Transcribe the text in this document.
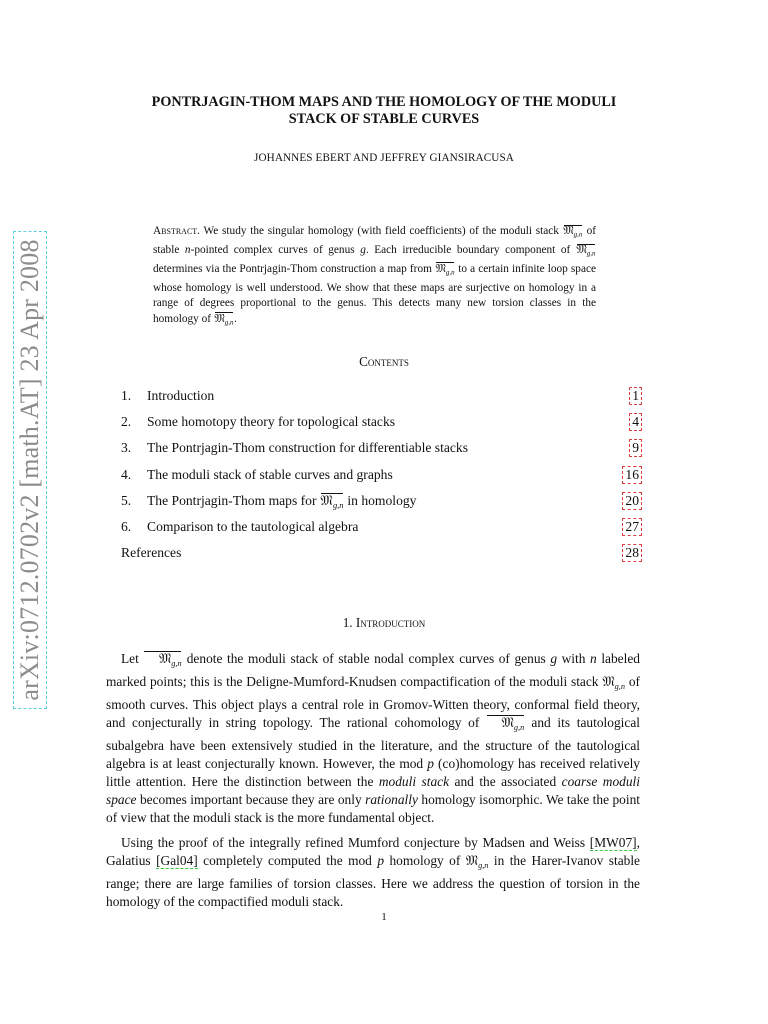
arXiv:0712.0702v2 [math.AT] 23 Apr 2008
PONTRJAGIN-THOM MAPS AND THE HOMOLOGY OF THE MODULI
STACK OF STABLE CURVES
JOHANNES EBERT AND JEFFREY GIANSIRACUSA
Abstract. We study the singular homology (with field coefficients) of the moduli stack 𝔐$_{g,n}$ of stable n-pointed complex curves of genus g. Each irreducible boundary component of 𝔐$_{g,n}$ determines via the Pontrjagin-Thom construction a map from 𝔐$_{g,n}$ to a certain infinite loop space whose homology is well understood. We show that these maps are surjective on homology in a range of degrees proportional to the genus. This detects many new torsion classes in the homology of 𝔐$_{g,n}$.
Contents
1. Introduction	1
2. Some homotopy theory for topological stacks	4
3. The Pontrjagin-Thom construction for differentiable stacks	9
4. The moduli stack of stable curves and graphs	16
5. The Pontrjagin-Thom maps for 𝔐$_{g,n}$ in homology	20
6. Comparison to the tautological algebra	27
References	28
1. Introduction

Let 𝔐$_{g,n}$ denote the moduli stack of stable nodal complex curves of genus g with n labeled marked points; this is the Deligne-Mumford-Knudsen compactification of the moduli stack 𝔐$_{g,n}$ of smooth curves. This object plays a central role in Gromov-Witten theory, conformal field theory, and conjecturally in string topology. The rational cohomology of 𝔐$_{g,n}$ and its tautological subalgebra have been extensively studied in the literature, and the structure of the tautological algebra is at least conjecturally known. However, the mod p (co)homology has received relatively little attention. Here the distinction between the moduli stack and the associated coarse moduli space becomes important because they are only rationally homology isomorphic. We take the point of view that the moduli stack is the more fundamental object.

Using the proof of the integrally refined Mumford conjecture by Madsen and Weiss [MW07], Galatius [Gal04] completely computed the mod p homology of 𝔐$_{g,n}$ in the Harer-Ivanov stable range; there are large families of torsion classes. Here we address the question of torsion in the homology of the compactified moduli stack.

1
